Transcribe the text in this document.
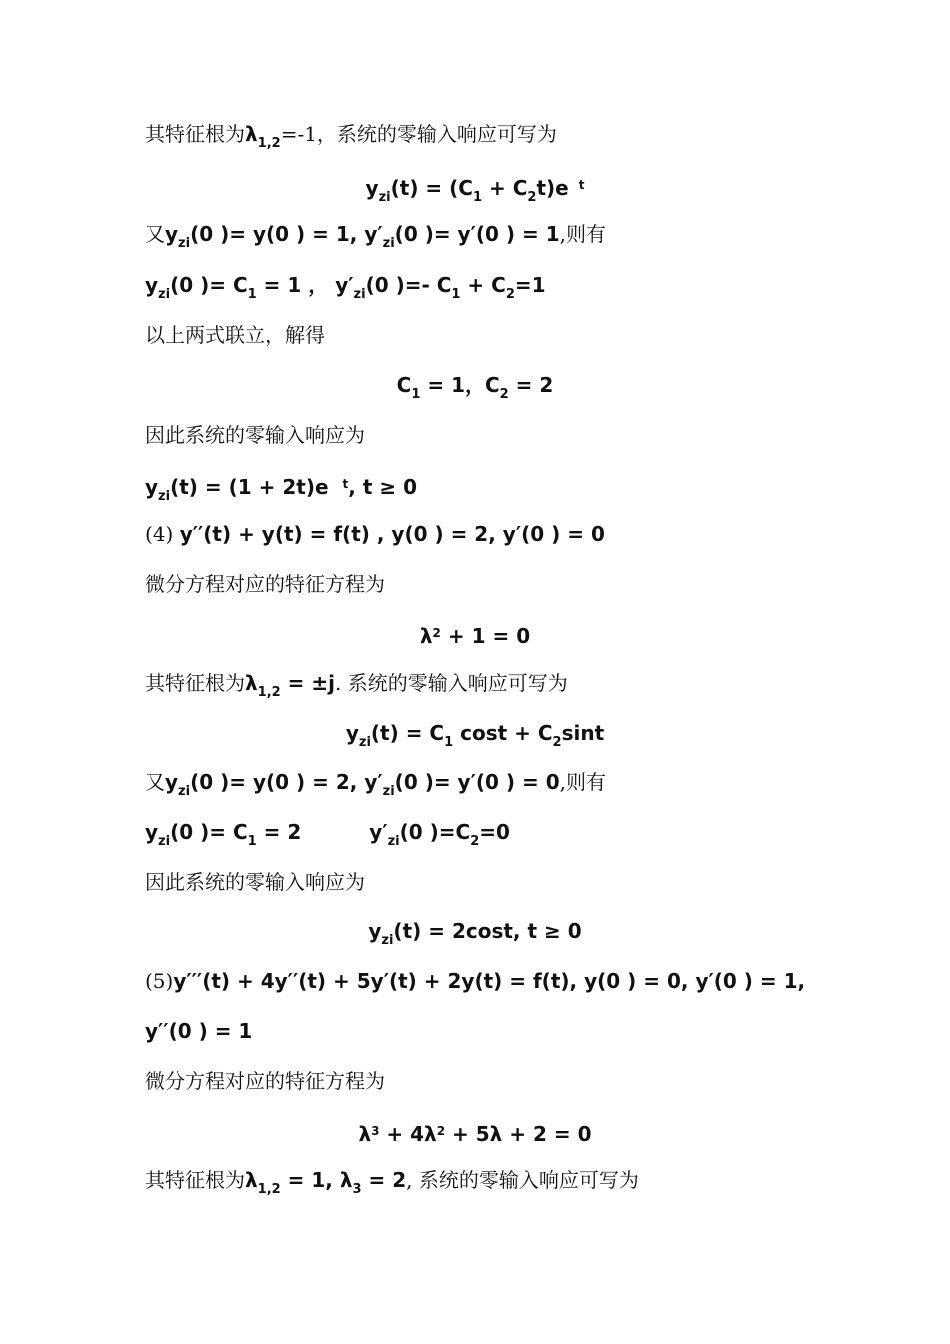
其特征根为$\lambda_{1,2}=-1$，系统的零输入响应可写为
$y_{zi}(t) = (C_1 + C_2t)e$ $^t$
又$y_{zi}(0$ )= y(0 ) = 1, $y'_{zi}(0$ )= y′(0 ) = 1,则有
$y_{zi}(0$ )= $C_1 = 1$ ， $y'_{zi}(0$ )=- $C_1 + C_2=1$
以上两式联立，解得
$C_1 = 1$，$C_2 = 2$
因此系统的零输入响应为
$y_{zi}(t) = (1 + 2t)e$ $^t$, t ≥ 0
(4) y′′(t) + y(t) = f(t) , y(0 ) = 2, y′(0 ) = 0
微分方程对应的特征方程为
$\lambda^2 + 1 = 0$
其特征根为$\lambda_{1,2} = \pm j$. 系统的零输入响应可写为
$y_{zi}(t) = C_1$ $\cos t + C_2\sin t$
又$y_{zi}(0$ )= y(0 ) = 2, $y'_{zi}(0$ )= y′(0 ) = 0,则有
$y_{zi}(0$ )= $C_1 = 2$	$y'_{zi}(0$ )$=C_2=0$
因此系统的零输入响应为
$y_{zi}(t) = 2\cos t$, t ≥ 0
(5)y′′′(t) + 4y′′(t) + 5y′(t) + 2y(t) = f(t), y(0 ) = 0, y′(0 ) = 1,
y′′(0 ) = 1
微分方程对应的特征方程为
$\lambda^3 + 4\lambda^2 + 5\lambda + 2 = 0$
其特征根为$\lambda_{1,2} = 1$, $\lambda_3 = 2$, 系统的零输入响应可写为
